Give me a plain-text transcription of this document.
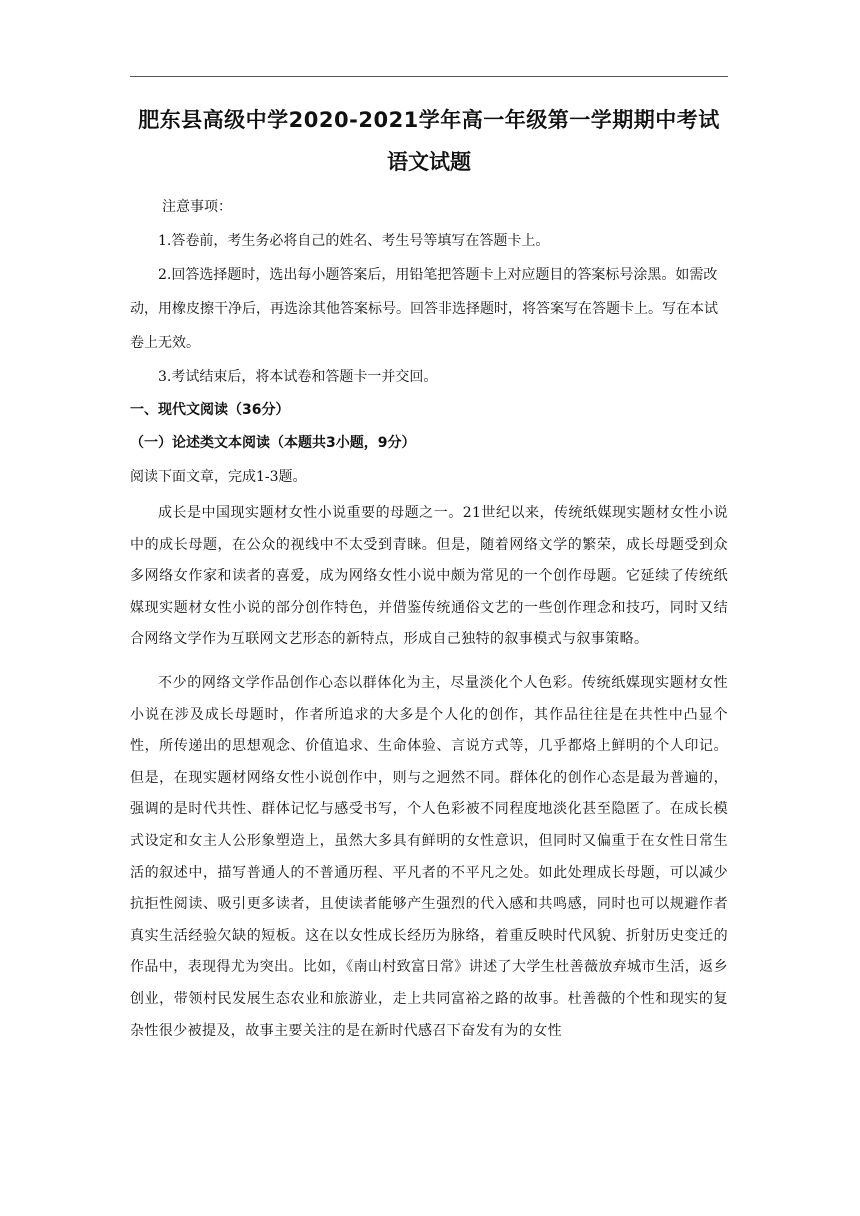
肥东县高级中学2020-2021学年高一年级第一学期期中考试
语文试题

注意事项：

1.答卷前，考生务必将自己的姓名、考生号等填写在答题卡上。

2.回答选择题时，选出每小题答案后，用铅笔把答题卡上对应题目的答案标号涂黑。如需改动，用橡皮擦干净后，再选涂其他答案标号。回答非选择题时，将答案写在答题卡上。写在本试卷上无效。

3.考试结束后，将本试卷和答题卡一并交回。

一、现代文阅读（36分）

（一）论述类文本阅读（本题共3小题，9分）

阅读下面文章，完成1-3题。

成长是中国现实题材女性小说重要的母题之一。21世纪以来，传统纸媒现实题材女性小说中的成长母题，在公众的视线中不太受到青睐。但是，随着网络文学的繁荣，成长母题受到众多网络女作家和读者的喜爱，成为网络女性小说中颇为常见的一个创作母题。它延续了传统纸媒现实题材女性小说的部分创作特色，并借鉴传统通俗文艺的一些创作理念和技巧，同时又结合网络文学作为互联网文艺形态的新特点，形成自己独特的叙事模式与叙事策略。

不少的网络文学作品创作心态以群体化为主，尽量淡化个人色彩。传统纸媒现实题材女性小说在涉及成长母题时，作者所追求的大多是个人化的创作，其作品往往是在共性中凸显个性，所传递出的思想观念、价值追求、生命体验、言说方式等，几乎都烙上鲜明的个人印记。但是，在现实题材网络女性小说创作中，则与之迥然不同。群体化的创作心态是最为普遍的，强调的是时代共性、群体记忆与感受书写，个人色彩被不同程度地淡化甚至隐匿了。在成长模式设定和女主人公形象塑造上，虽然大多具有鲜明的女性意识，但同时又偏重于在女性日常生活的叙述中，描写普通人的不普通历程、平凡者的不平凡之处。如此处理成长母题，可以减少抗拒性阅读、吸引更多读者，且使读者能够产生强烈的代入感和共鸣感，同时也可以规避作者真实生活经验欠缺的短板。这在以女性成长经历为脉络，着重反映时代风貌、折射历史变迁的作品中，表现得尤为突出。比如，《南山村致富日常》讲述了大学生杜善薇放弃城市生活，返乡创业，带领村民发展生态农业和旅游业，走上共同富裕之路的故事。杜善薇的个性和现实的复杂性很少被提及，故事主要关注的是在新时代感召下奋发有为的女性
